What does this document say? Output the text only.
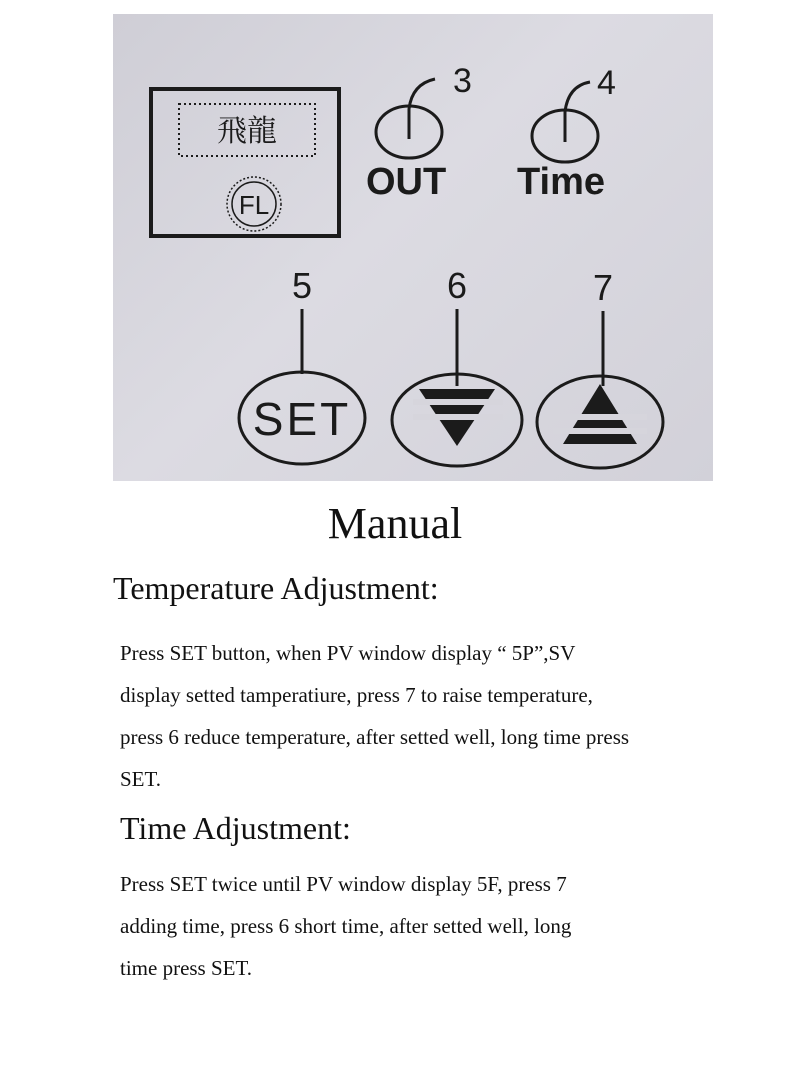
飛龍
FL
3
OUT
4
Time
5
SET
6	7
Manual
Temperature Adjustment:
Press SET button, when PV window display “ 5P”,SV
display setted tamperatiure, press 7 to raise temperature,
press 6 reduce temperature, after setted well, long time press
SET.
Time Adjustment:
Press SET twice until PV window display 5F, press 7
adding time, press 6 short time, after setted well, long
time press SET.
